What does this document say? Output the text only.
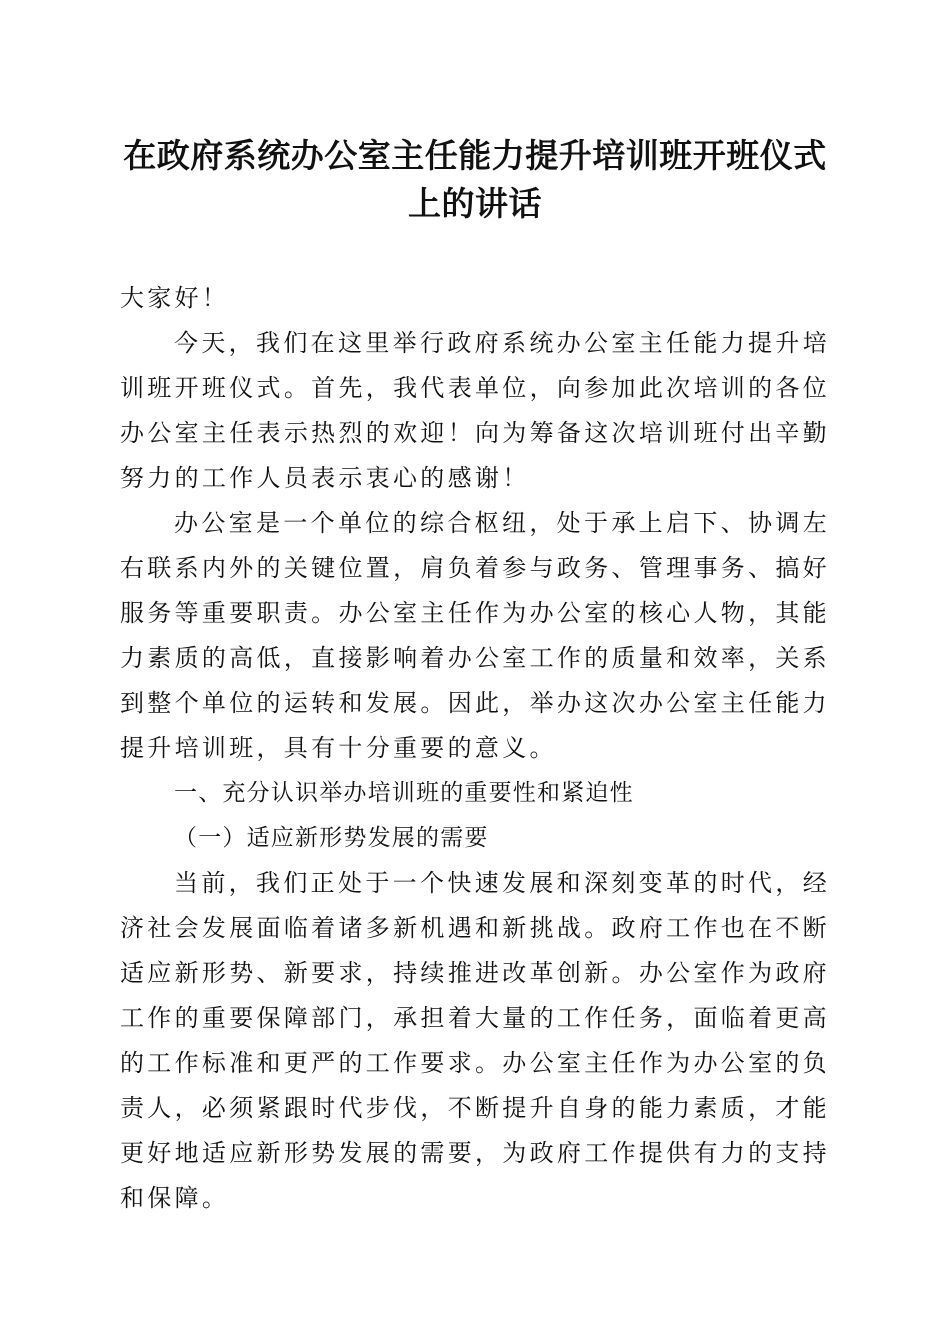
在政府系统办公室主任能力提升培训班开班仪式上的讲话

大家好！

今天，我们在这里举行政府系统办公室主任能力提升培训班开班仪式。首先，我代表单位，向参加此次培训的各位办公室主任表示热烈的欢迎！向为筹备这次培训班付出辛勤努力的工作人员表示衷心的感谢！

办公室是一个单位的综合枢纽，处于承上启下、协调左右联系内外的关键位置，肩负着参与政务、管理事务、搞好服务等重要职责。办公室主任作为办公室的核心人物，其能力素质的高低，直接影响着办公室工作的质量和效率，关系到整个单位的运转和发展。因此，举办这次办公室主任能力提升培训班，具有十分重要的意义。

一、充分认识举办培训班的重要性和紧迫性

（一）适应新形势发展的需要

当前，我们正处于一个快速发展和深刻变革的时代，经济社会发展面临着诸多新机遇和新挑战。政府工作也在不断适应新形势、新要求，持续推进改革创新。办公室作为政府工作的重要保障部门，承担着大量的工作任务，面临着更高的工作标准和更严的工作要求。办公室主任作为办公室的负责人，必须紧跟时代步伐，不断提升自身的能力素质，才能更好地适应新形势发展的需要，为政府工作提供有力的支持和保障。
